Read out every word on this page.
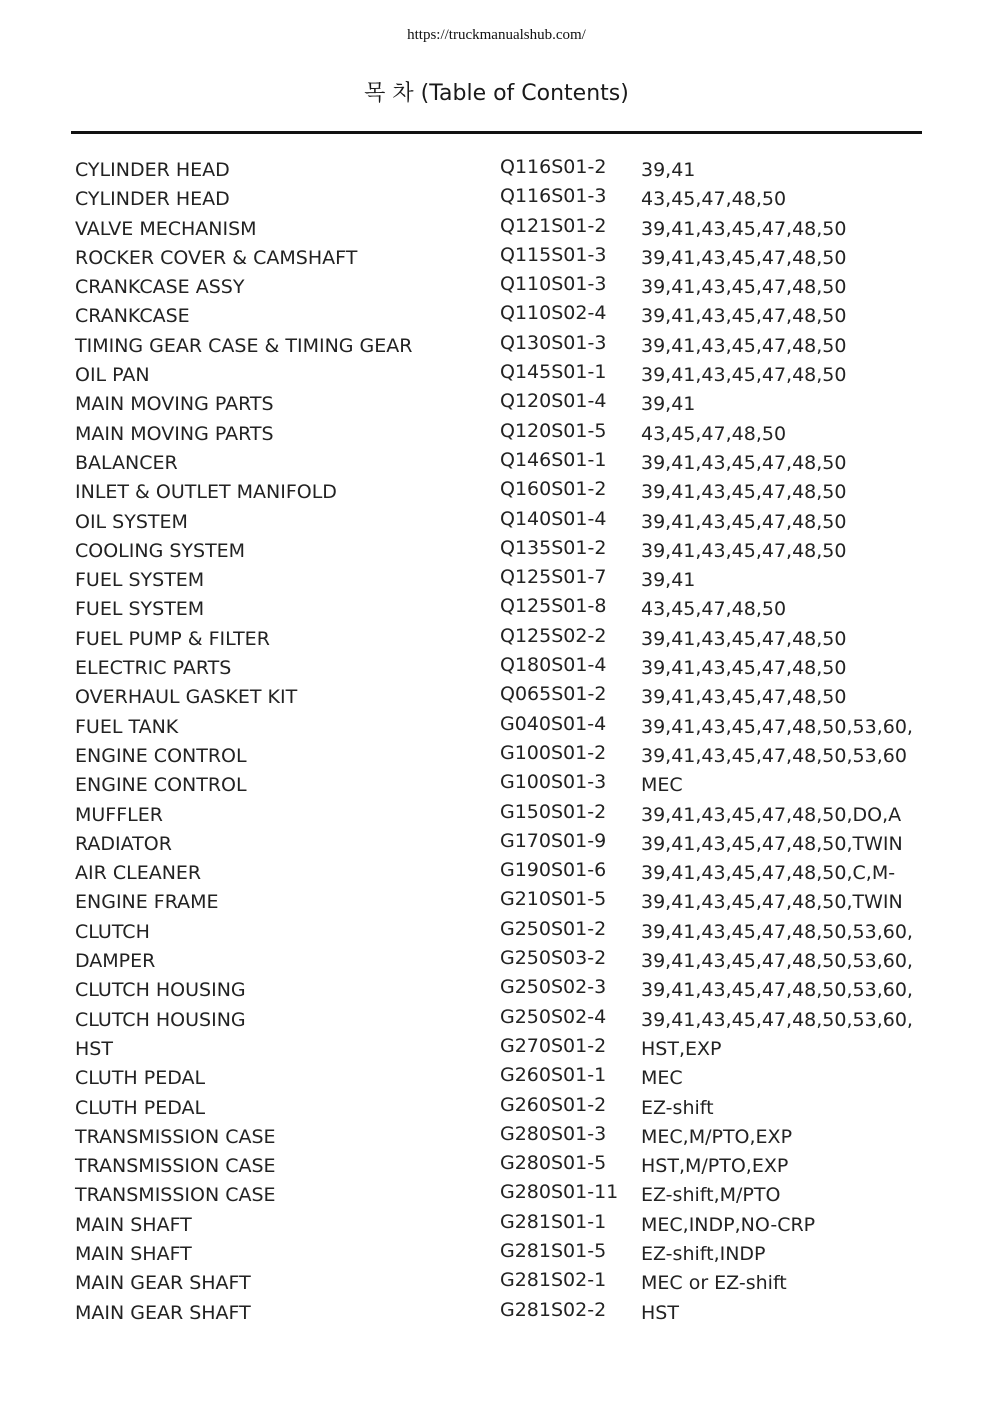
https://truckmanualshub.com/
목 차 (Table of Contents)
CYLINDER HEAD	Q116S01-2 39,41
CYLINDER HEAD	Q116S01-3 43,45,47,48,50
VALVE MECHANISM	Q121S01-2 39,41,43,45,47,48,50
ROCKER COVER & CAMSHAFT	Q115S01-3 39,41,43,45,47,48,50
CRANKCASE ASSY	Q110S01-3 39,41,43,45,47,48,50
CRANKCASE	Q110S02-4 39,41,43,45,47,48,50
TIMING GEAR CASE & TIMING GEAR	Q130S01-3 39,41,43,45,47,48,50
OIL PAN	Q145S01-1 39,41,43,45,47,48,50
MAIN MOVING PARTS	Q120S01-4 39,41
MAIN MOVING PARTS	Q120S01-5 43,45,47,48,50
BALANCER	Q146S01-1 39,41,43,45,47,48,50
INLET & OUTLET MANIFOLD	Q160S01-2 39,41,43,45,47,48,50
OIL SYSTEM	Q140S01-4 39,41,43,45,47,48,50
COOLING SYSTEM	Q135S01-2 39,41,43,45,47,48,50
FUEL SYSTEM	Q125S01-7 39,41
FUEL SYSTEM	Q125S01-8 43,45,47,48,50
FUEL PUMP & FILTER	Q125S02-2 39,41,43,45,47,48,50
ELECTRIC PARTS	Q180S01-4 39,41,43,45,47,48,50
OVERHAUL GASKET KIT	Q065S01-2 39,41,43,45,47,48,50
FUEL TANK	G040S01-4 39,41,43,45,47,48,50,53,60,
ENGINE CONTROL	G100S01-2 39,41,43,45,47,48,50,53,60
ENGINE CONTROL	G100S01-3 MEC
MUFFLER	G150S01-2 39,41,43,45,47,48,50,DO,A
RADIATOR	G170S01-9 39,41,43,45,47,48,50,TWIN
AIR CLEANER	G190S01-6 39,41,43,45,47,48,50,C,M-
ENGINE FRAME	G210S01-5 39,41,43,45,47,48,50,TWIN
CLUTCH	G250S01-2 39,41,43,45,47,48,50,53,60,
DAMPER	G250S03-2 39,41,43,45,47,48,50,53,60,
CLUTCH HOUSING	G250S02-3 39,41,43,45,47,48,50,53,60,
CLUTCH HOUSING	G250S02-4 39,41,43,45,47,48,50,53,60,
HST	G270S01-2 HST,EXP
CLUTH PEDAL	G260S01-1 MEC
CLUTH PEDAL	G260S01-2 EZ-shift
TRANSMISSION CASE	G280S01-3 MEC,M/PTO,EXP
TRANSMISSION CASE	G280S01-5 HST,M/PTO,EXP
TRANSMISSION CASE	G280S01-11 EZ-shift,M/PTO
MAIN SHAFT	G281S01-1 MEC,INDP,NO-CRP
MAIN SHAFT	G281S01-5 EZ-shift,INDP
MAIN GEAR SHAFT	G281S02-1 MEC or EZ-shift
MAIN GEAR SHAFT	G281S02-2 HST
